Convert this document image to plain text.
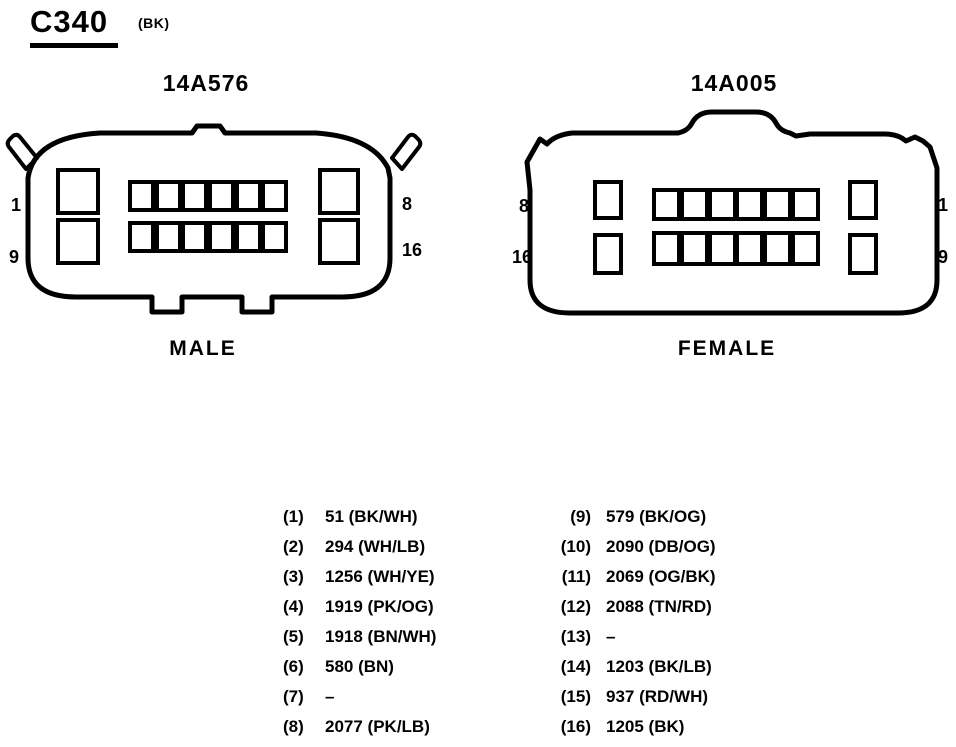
C340	(BK)
14A576	14A005
1
9
8
16
8
16
1
9
MALE	FEMALE
(1)	51 (BK/WH)
(2)	294 (WH/LB)
(3)	1256 (WH/YE)
(4)	1919 (PK/OG)
(5)	1918 (BN/WH)
(6)	580 (BN)
(7)	–
(8)	2077 (PK/LB)
(9) 579 (BK/OG)
(10) 2090 (DB/OG)
(11) 2069 (OG/BK)
(12) 2088 (TN/RD)
(13) –
(14) 1203 (BK/LB)
(15) 937 (RD/WH)
(16) 1205 (BK)
